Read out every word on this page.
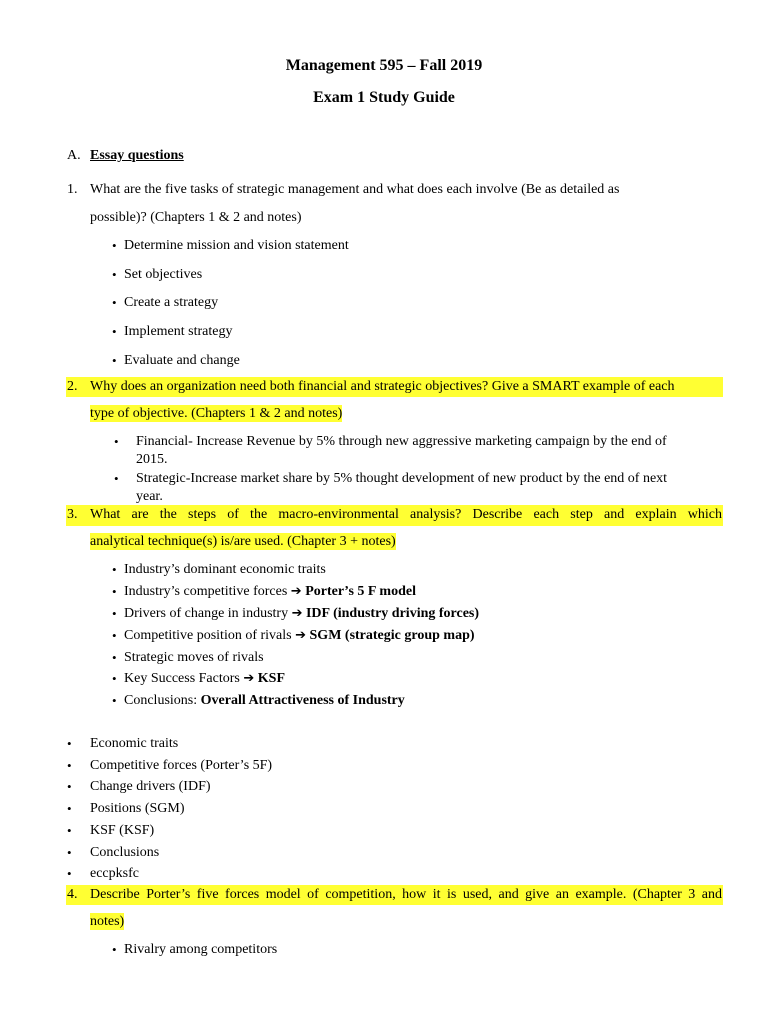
Management 595 – Fall 2019
Exam 1 Study Guide
A. Essay questions
1. What are the five tasks of strategic management and what does each involve (Be as detailed as
possible)? (Chapters 1 & 2 and notes)
• Determine mission and vision statement
• Set objectives
• Create a strategy
• Implement strategy
• Evaluate and change
2. Why does an organization need both financial and strategic objectives? Give a SMART example of each
type of objective. (Chapters 1 & 2 and notes)
• Financial- Increase Revenue by 5% through new aggressive marketing campaign by the end of
2015.
• Strategic-Increase market share by 5% thought development of new product by the end of next
year.
3. What are the steps of the macro-environmental analysis? Describe each step and explain which
analytical technique(s) is/are used. (Chapter 3 + notes)
• Industry’s dominant economic traits
• Industry’s competitive forces ➔ Porter’s 5 F model
• Drivers of change in industry ➔ IDF (industry driving forces)
• Competitive position of rivals ➔ SGM (strategic group map)
• Strategic moves of rivals
• Key Success Factors ➔ KSF
• Conclusions: Overall Attractiveness of Industry
• Economic traits
• Competitive forces (Porter’s 5F)
• Change drivers (IDF)
• Positions (SGM)
• KSF (KSF)
• Conclusions
• eccpksfc
4. Describe Porter’s five forces model of competition, how it is used, and give an example. (Chapter 3 and
notes)
• Rivalry among competitors
